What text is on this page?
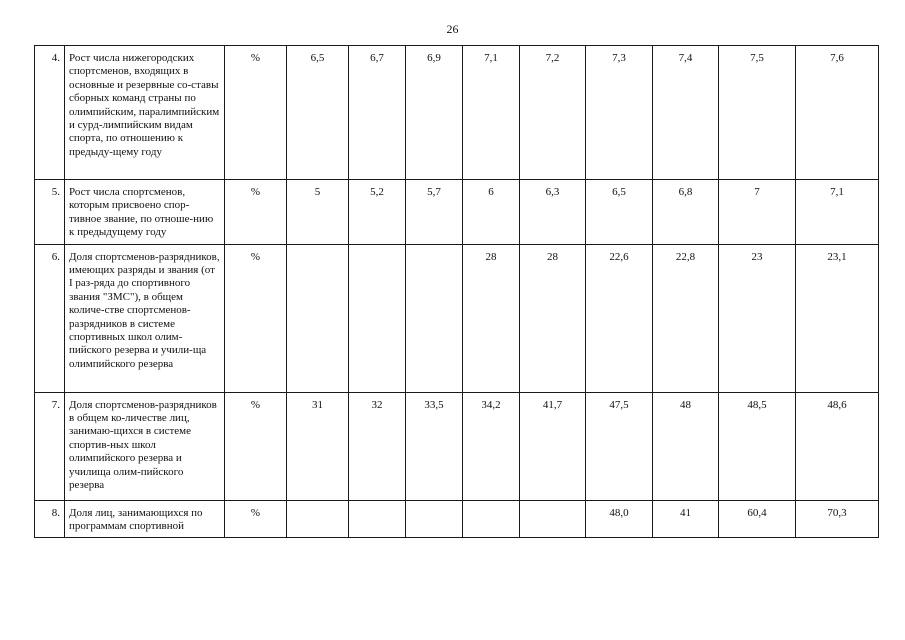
26
4.	Рост числа нижегородских спортсменов, входящих в основные и резервные со-ставы сборных команд страны по олимпийским, паралимпийским и сурд-лимпийским видам спорта, по отношению к предыду-щему году	%	6,5	6,7	6,9	7,1	7,2	7,3	7,4	7,5	7,6
5.	Рост числа спортсменов, которым присвоено спор-тивное звание, по отноше-нию к предыдущему году	%	5	5,2	5,7	6	6,3	6,5	6,8	7	7,1
6.	Доля спортсменов-разрядников, имеющих разряды и звания (от I раз-ряда до спортивного звания "ЗМС"), в общем количе-стве спортсменов-разрядников в системе спортивных школ олим-пийского резерва и учили-ща олимпийского резерва	%				28	28	22,6	22,8	23	23,1
7.	Доля спортсменов-разрядников в общем ко-личестве лиц, занимаю-щихся в системе спортив-ных школ олимпийского резерва и училища олим-пийского резерва	%	31	32	33,5	34,2	41,7	47,5	48	48,5	48,6
8.	Доля лиц, занимающихся по программам спортивной	%						48,0	41	60,4	70,3
